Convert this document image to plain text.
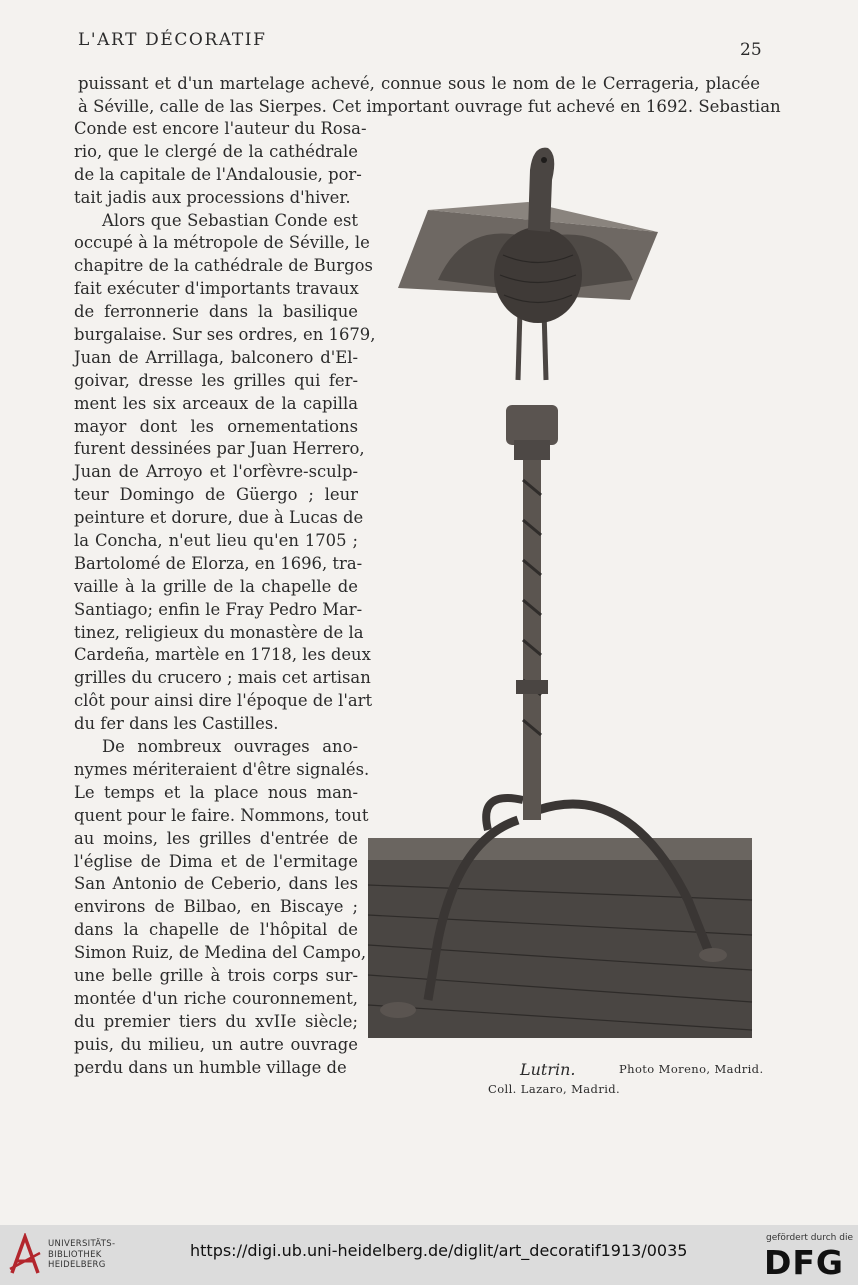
L'ART DÉCORATIF	25
puissant et d'un martelage achevé, connue sous le nom de le Cerrageria, placée
à Séville, calle de las Sierpes. Cet important ouvrage fut achevé en 1692. Sebastian
Conde est encore l'auteur du Rosa-
rio, que le clergé de la cathédrale
de la capitale de l'Andalousie, por-
tait jadis aux processions d'hiver.
Alors que Sebastian Conde est
occupé à la métropole de Séville, le
chapitre de la cathédrale de Burgos
fait exécuter d'importants travaux
de ferronnerie dans la basilique
burgalaise. Sur ses ordres, en 1679,
Juan de Arrillaga, balconero d'El-
goivar, dresse les grilles qui fer-
ment les six arceaux de la capilla
mayor dont les ornementations
furent dessinées par Juan Herrero,
Juan de Arroyo et l'orfèvre-sculp-
teur Domingo de Güergo ; leur
peinture et dorure, due à Lucas de
la Concha, n'eut lieu qu'en 1705 ;
Bartolomé de Elorza, en 1696, tra-
vaille à la grille de la chapelle de
Santiago; enfin le Fray Pedro Mar-
tinez, religieux du monastère de la
Cardeña, martèle en 1718, les deux
grilles du crucero ; mais cet artisan
clôt pour ainsi dire l'époque de l'art
du fer dans les Castilles.
De nombreux ouvrages ano-
nymes mériteraient d'être signalés.
Le temps et la place nous man-
quent pour le faire. Nommons, tout
au moins, les grilles d'entrée de
l'église de Dima et de l'ermitage
San Antonio de Ceberio, dans les
environs de Bilbao, en Biscaye ;
dans la chapelle de l'hôpital de
Simon Ruiz, de Medina del Campo,
une belle grille à trois corps sur-
montée d'un riche couronnement,
du premier tiers du xvIIe siècle;
puis, du milieu, un autre ouvrage
perdu dans un humble village de	Lutrin.	Photo Moreno, Madrid.
Coll. Lazaro, Madrid.
UNIVERSITÄTS-
BIBLIOTHEK
HEIDELBERG
https://digi.ub.uni-heidelberg.de/diglit/art_decoratif1913/0035
gefördert durch die
DFG
